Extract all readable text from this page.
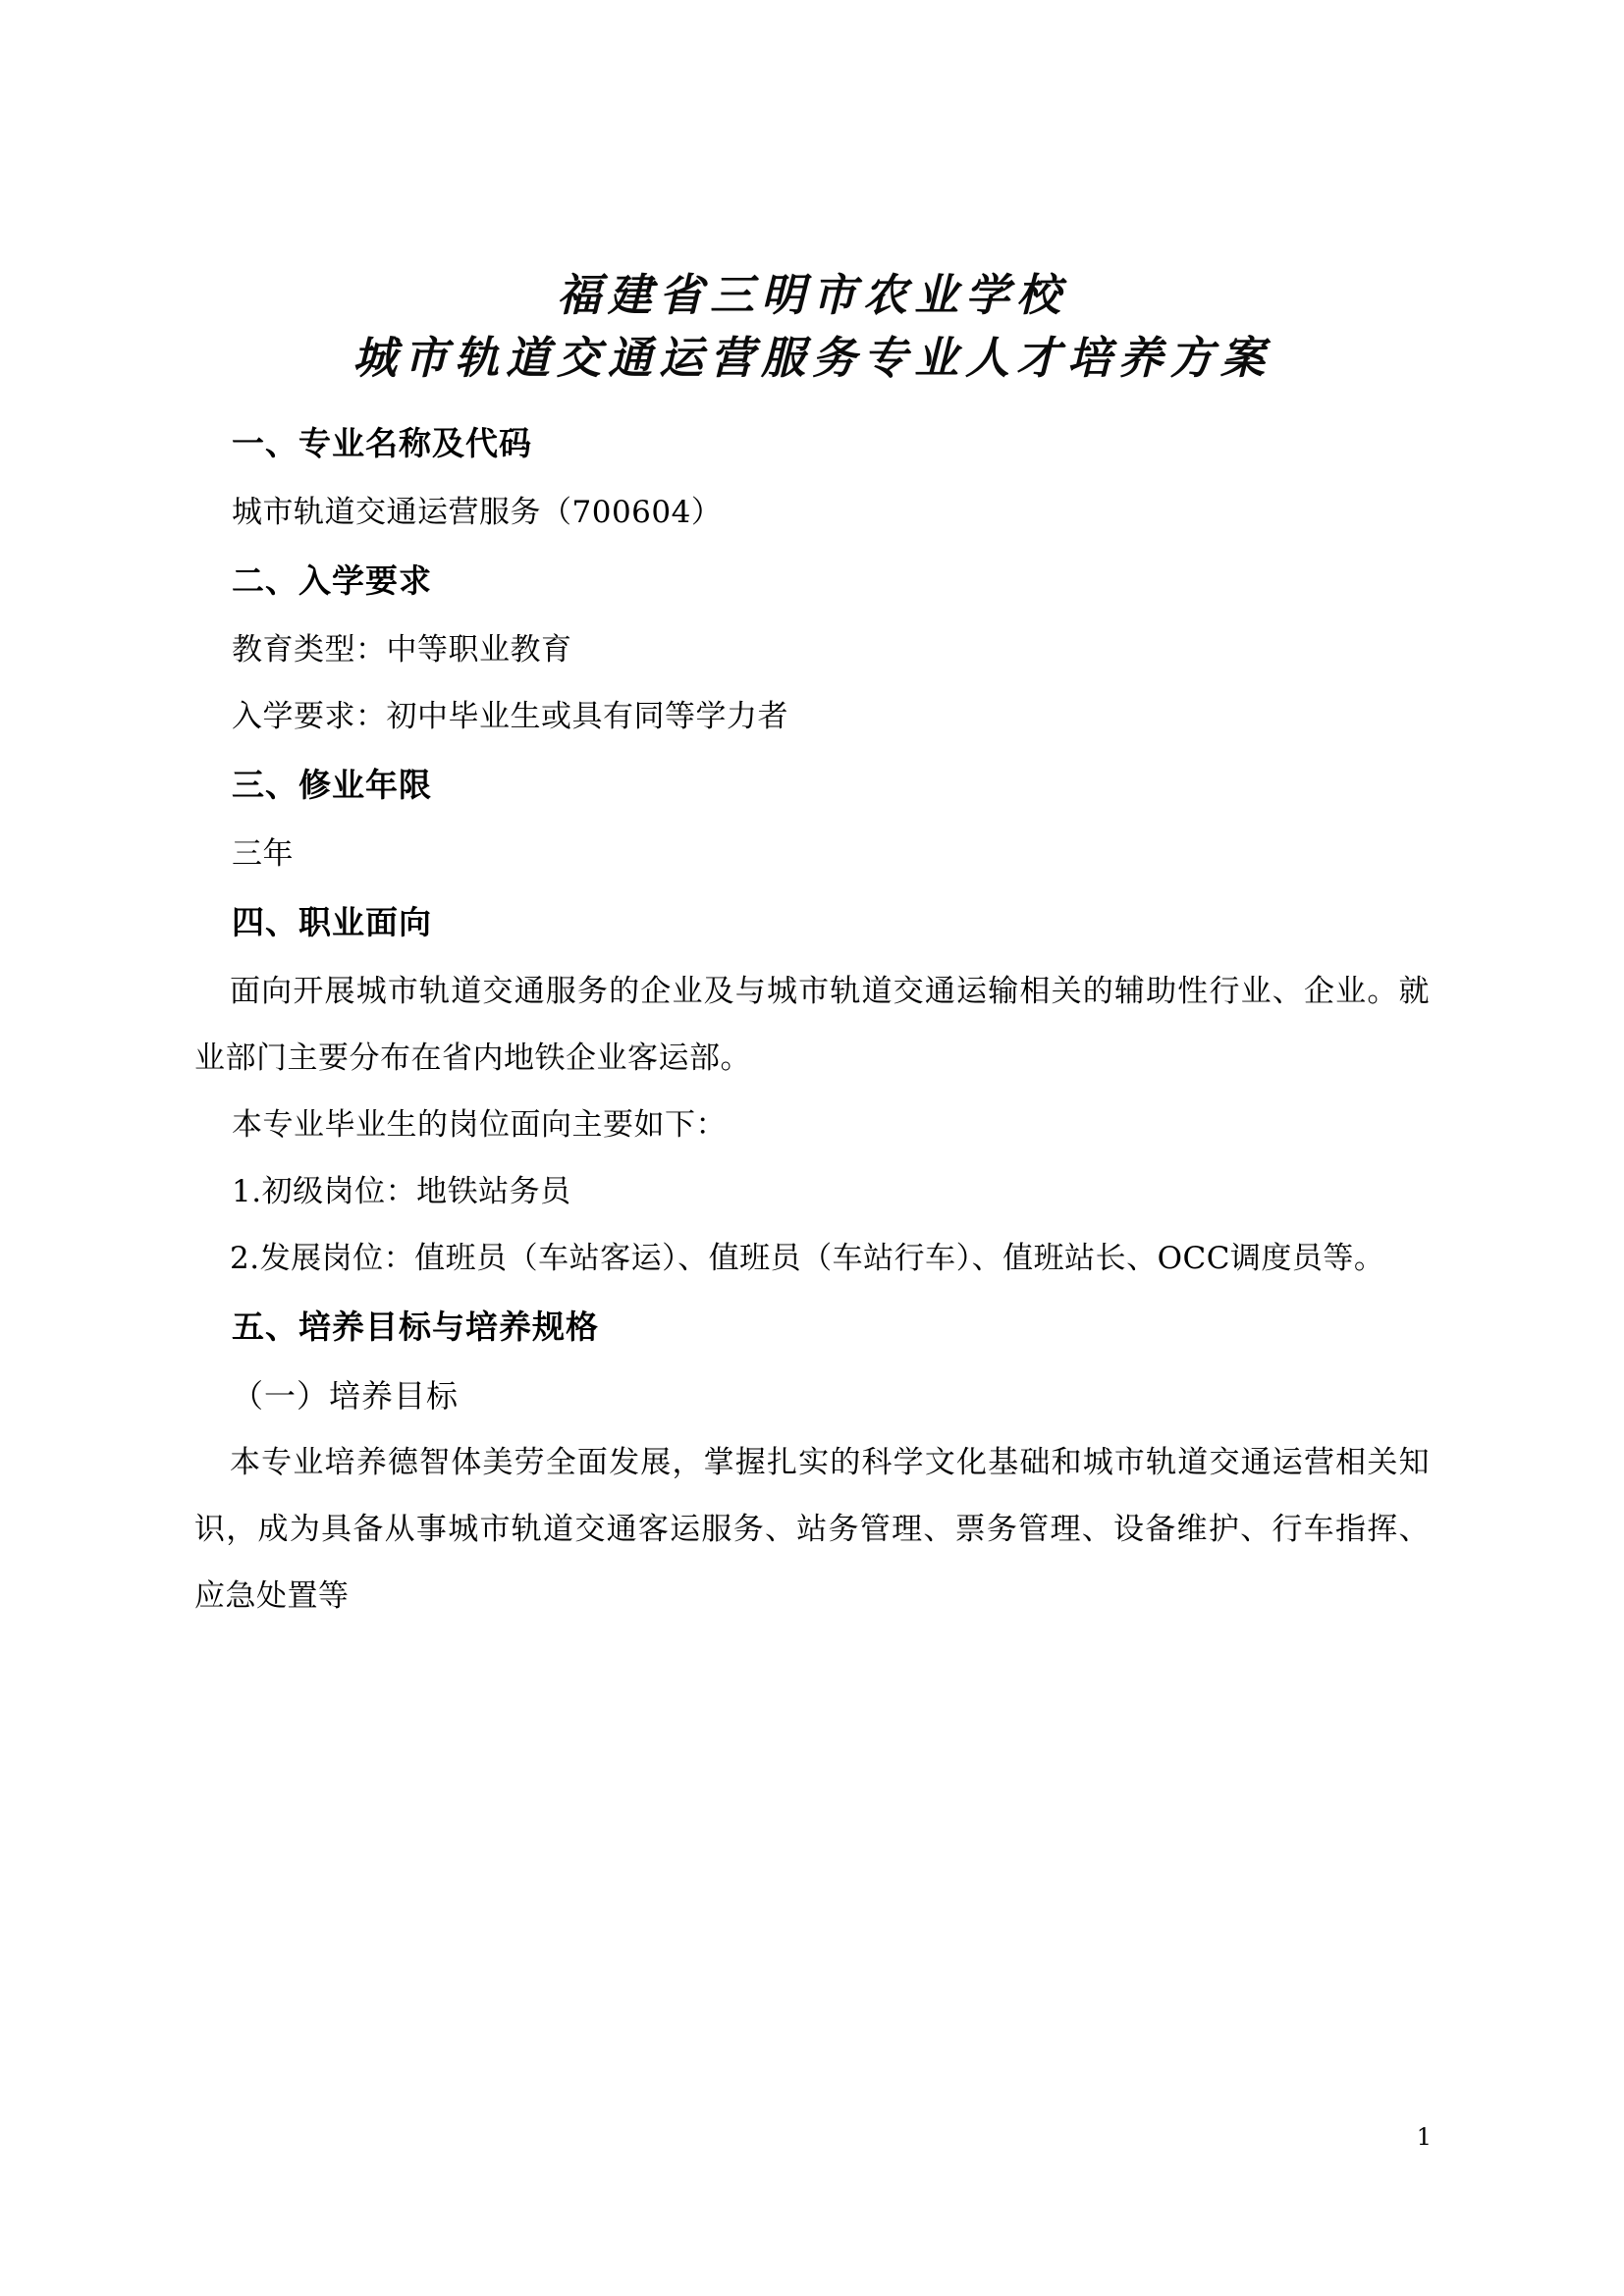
福建省三明市农业学校
城市轨道交通运营服务专业人才培养方案
一、专业名称及代码
城市轨道交通运营服务（700604）
二、入学要求
教育类型：中等职业教育
入学要求：初中毕业生或具有同等学力者
三、修业年限
三年
四、职业面向
面向开展城市轨道交通服务的企业及与城市轨道交通运输相关的辅助性行业、企业。就业部门主要分布在省内地铁企业客运部。
本专业毕业生的岗位面向主要如下：
1.初级岗位：地铁站务员
2.发展岗位：值班员（车站客运）、值班员（车站行车）、值班站长、OCC调度员等。
五、培养目标与培养规格
（一）培养目标
本专业培养德智体美劳全面发展，掌握扎实的科学文化基础和城市轨道交通运营相关知识，成为具备从事城市轨道交通客运服务、站务管理、票务管理、设备维护、行车指挥、应急处置等
1
